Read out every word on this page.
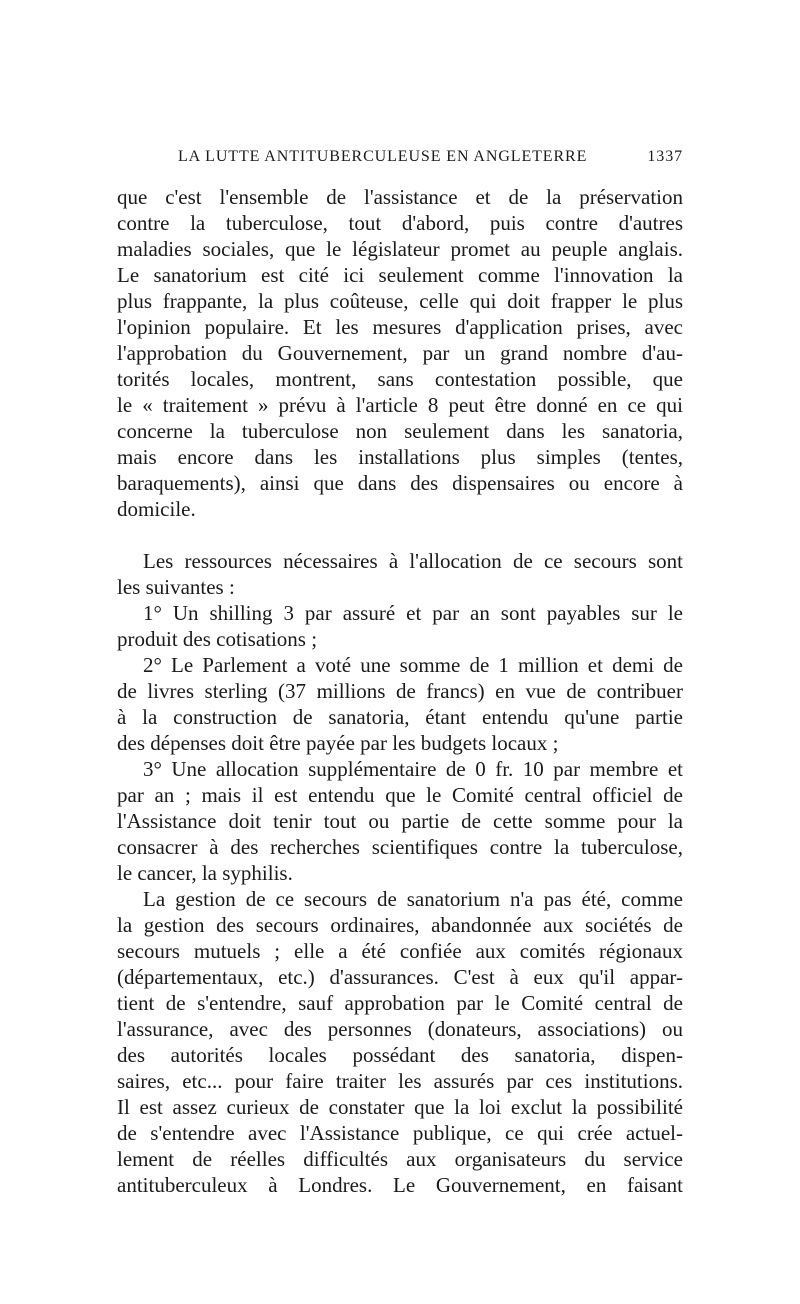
LA LUTTE ANTITUBERCULEUSE EN ANGLETERRE	1337
que c'est l'ensemble de l'assistance et de la préservation
contre la tuberculose, tout d'abord, puis contre d'autres
maladies sociales, que le législateur promet au peuple anglais.
Le sanatorium est cité ici seulement comme l'innovation la
plus frappante, la plus coûteuse, celle qui doit frapper le plus
l'opinion populaire. Et les mesures d'application prises, avec
l'approbation du Gouvernement, par un grand nombre d'au-
torités locales, montrent, sans contestation possible, que
le « traitement » prévu à l'article 8 peut être donné en ce qui
concerne la tuberculose non seulement dans les sanatoria,
mais encore dans les installations plus simples (tentes,
baraquements), ainsi que dans des dispensaires ou encore à
domicile.
Les ressources nécessaires à l'allocation de ce secours sont
les suivantes :
1° Un shilling 3 par assuré et par an sont payables sur le
produit des cotisations ;
2° Le Parlement a voté une somme de 1 million et demi de
de livres sterling (37 millions de francs) en vue de contribuer
à la construction de sanatoria, étant entendu qu'une partie
des dépenses doit être payée par les budgets locaux ;
3° Une allocation supplémentaire de 0 fr. 10 par membre et
par an ; mais il est entendu que le Comité central officiel de
l'Assistance doit tenir tout ou partie de cette somme pour la
consacrer à des recherches scientifiques contre la tuberculose,
le cancer, la syphilis.
La gestion de ce secours de sanatorium n'a pas été, comme
la gestion des secours ordinaires, abandonnée aux sociétés de
secours mutuels ; elle a été confiée aux comités régionaux
(départementaux, etc.) d'assurances. C'est à eux qu'il appar-
tient de s'entendre, sauf approbation par le Comité central de
l'assurance, avec des personnes (donateurs, associations) ou
des autorités locales possédant des sanatoria, dispen-
saires, etc... pour faire traiter les assurés par ces institutions.
Il est assez curieux de constater que la loi exclut la possibilité
de s'entendre avec l'Assistance publique, ce qui crée actuel-
lement de réelles difficultés aux organisateurs du service
antituberculeux à Londres. Le Gouvernement, en faisant
